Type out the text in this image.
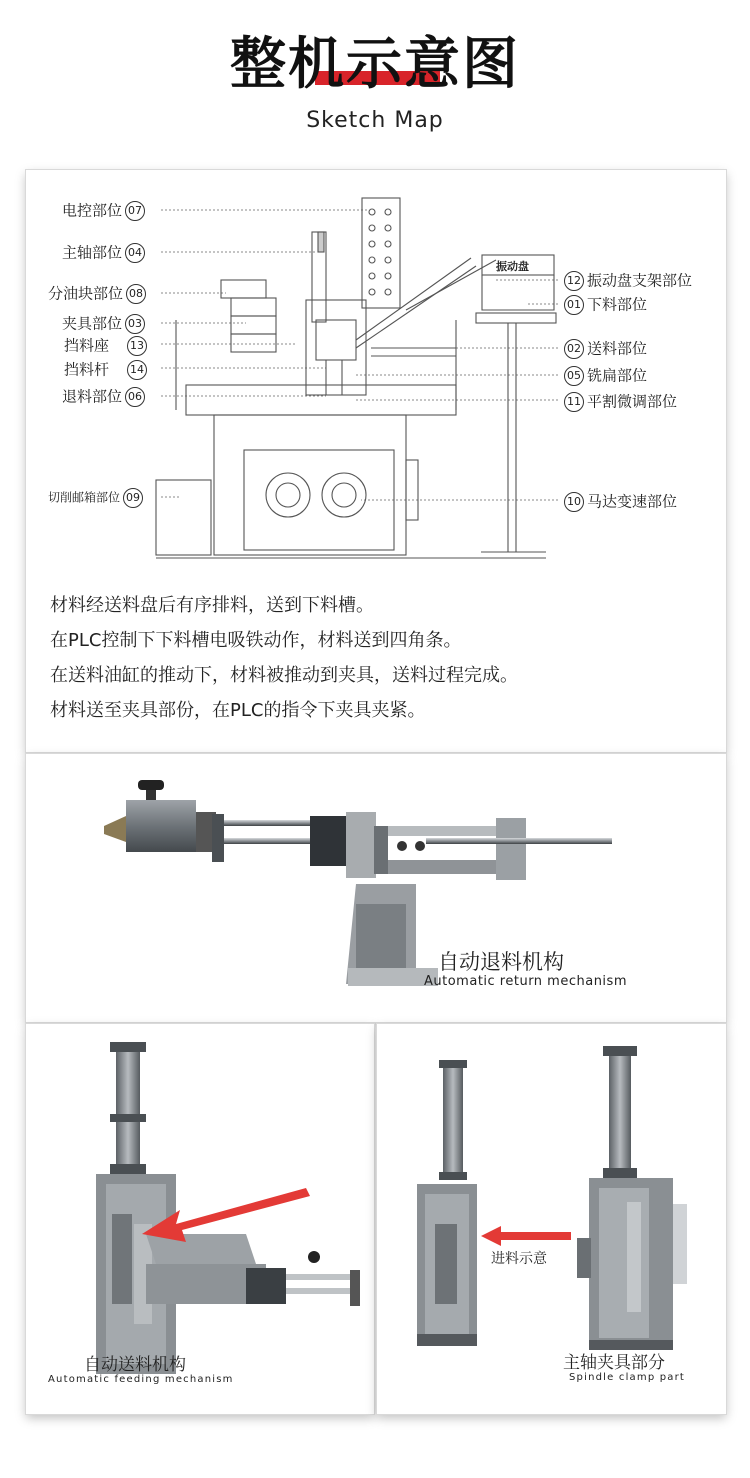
整机示意图
Sketch Map
振动盘
电控部位 07
主轴部位 04
分油块部位 08
夹具部位 03
挡料座 13
挡料杆 14
退料部位 06
切削邮箱部位 09
12 振动盘支架部位
01 下料部位
02 送料部位
05 铣扁部位
11 平割微调部位
10 马达变速部位

材料经送料盘后有序排料，送到下料槽。

在PLC控制下下料槽电吸铁动作，材料送到四角条。

在送料油缸的推动下，材料被推动到夹具，送料过程完成。

材料送至夹具部份，在PLC的指令下夹具夹紧。

自动退料机构
Automatic return mechanism
自动送料机构
Automatic feeding mechanism
进料示意
主轴夹具部分
Spindle clamp part
